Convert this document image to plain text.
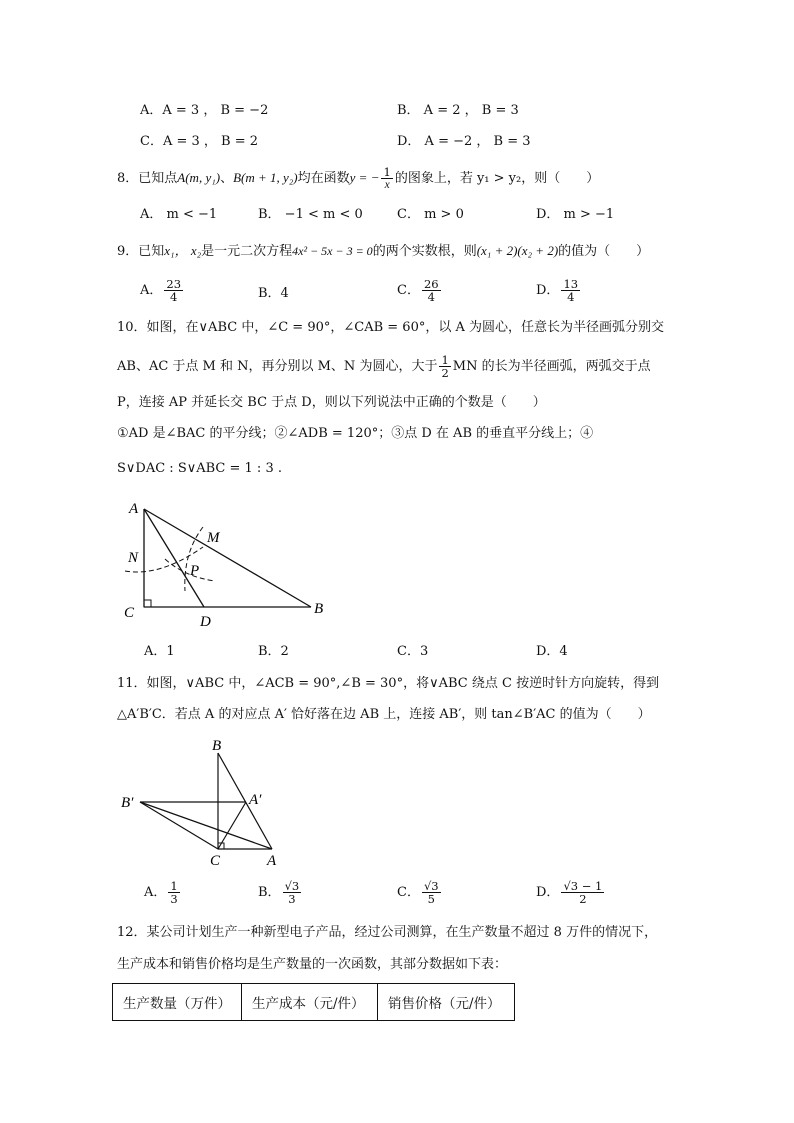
A．A = 3 ， B = −2	B． A = 2 ， B = 3
C．A = 3 ， B = 2	D． A = −2 ， B = 3
8．已知点A(m, y₁)、B(m + 1, y₂)均在函数y = − $\frac{1}{x}$ 的图象上，若 y₁ > y₂，则（　　）
A． m < −1	B． −1 < m < 0	C． m > 0	D． m > −1
9．已知x₁， x₂是一元二次方程4x² − 5x − 3 = 0的两个实数根，则(x₁ + 2)(x₂ + 2)的值为（　　）
A． $\frac{23}{4}$	B．4	C． $\frac{26}{4}$	D． $\frac{13}{4}$
10．如图，在∨ABC 中，∠C = 90°，∠CAB = 60°，以 A 为圆心，任意长为半径画弧分别交
AB、AC 于点 M 和 N，再分别以 M、N 为圆心，大于 $\frac{1}{2}$ MN 的长为半径画弧，两弧交于点
P，连接 AP 并延长交 BC 于点 D，则以下列说法中正确的个数是（　　）
①AD 是∠BAC 的平分线；②∠ADB = 120°；③点 D 在 AB 的垂直平分线上；④
S∨DAC : S∨ABC = 1 : 3 .
A
M
N
P
C
D
B
A．1	B．2	C．3	D．4
11．如图，∨ABC 中，∠ACB = 90°,∠B = 30°，将∨ABC 绕点 C 按逆时针方向旋转，得到
△A′B′C．若点 A 的对应点 A′ 恰好落在边 AB 上，连接 AB′，则 tan∠B′AC 的值为（　　）
B
B′	A′
C	A
A． $\frac{1}{3}$	B． $\frac{√3}{3}$	C． $\frac{√3}{5}$	D． $\frac{√3 - 1}{2}$
12．某公司计划生产一种新型电子产品，经过公司测算，在生产数量不超过 8 万件的情况下，
生产成本和销售价格均是生产数量的一次函数，其部分数据如下表：
生产数量（万件）	生产成本（元/件）	销售价格（元/件）
